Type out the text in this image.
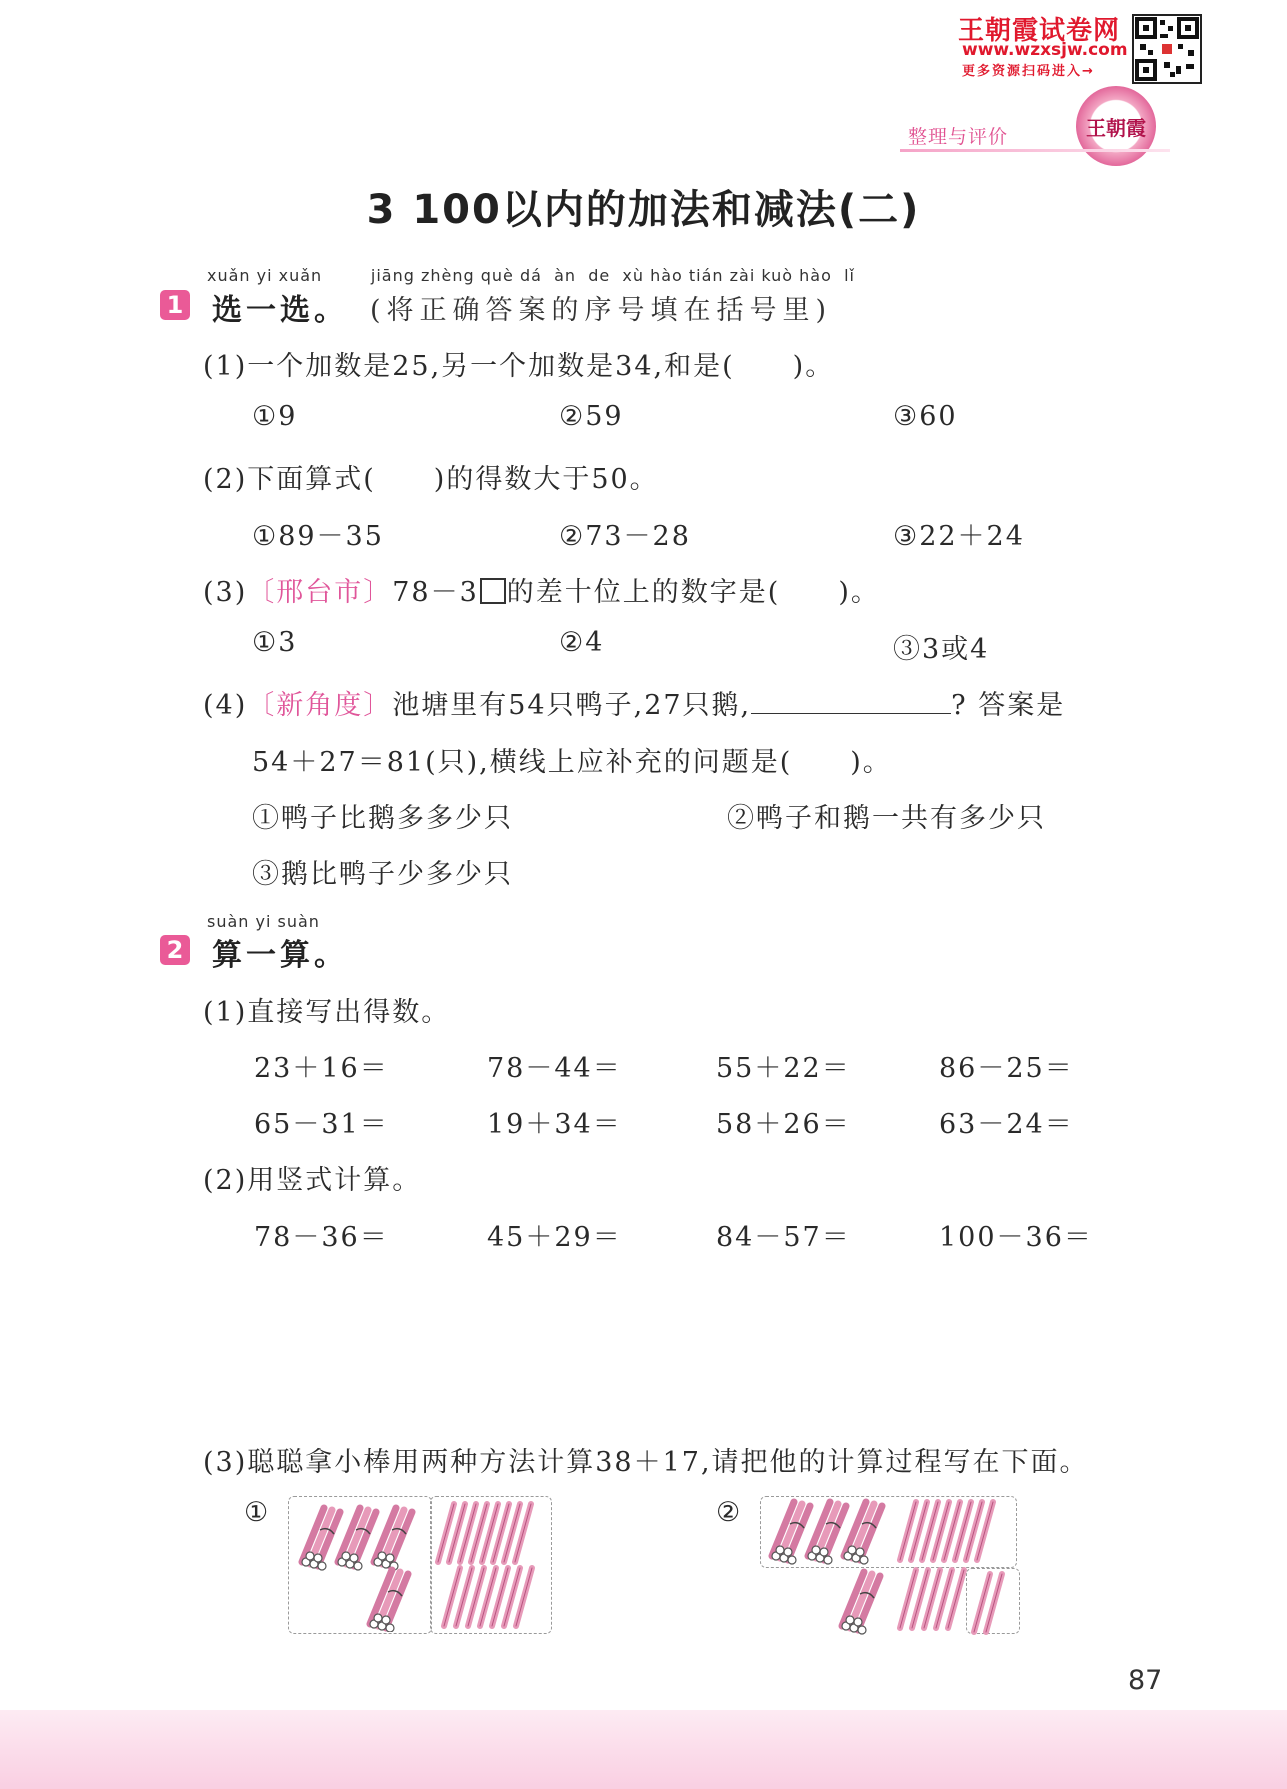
王朝霞试卷网
www.wzxsjw.com
更多资源扫码进入→
王朝霞
整理与评价
3 100以内的加法和减法(二)
xuǎn yi xuǎn        jiāng zhèng què dá  àn  de  xù hào tián zài kuò hào  lǐ
1 选一选。 (将正确答案的序号填在括号里)
(1)一个加数是25,另一个加数是34,和是(　　)。
①9	②59	③60
(2)下面算式(　　)的得数大于50。
①89－35	②73－28	③22＋24
(3)〔邢台市〕78－3 的差十位上的数字是(　　)。
①3	②4	③3或4
(4)〔新角度〕池塘里有54只鸭子,27只鹅,	? 答案是
54＋27＝81(只),横线上应补充的问题是(　　)。
①鸭子比鹅多多少只	②鸭子和鹅一共有多少只
③鹅比鸭子少多少只
suàn yi suàn
2 算一算。
(1)直接写出得数。
23＋16＝	78－44＝	55＋22＝	86－25＝
65－31＝	19＋34＝	58＋26＝	63－24＝
(2)用竖式计算。
78－36＝	45＋29＝	84－57＝	100－36＝
(3)聪聪拿小棒用两种方法计算38＋17,请把他的计算过程写在下面。
①	②
87
